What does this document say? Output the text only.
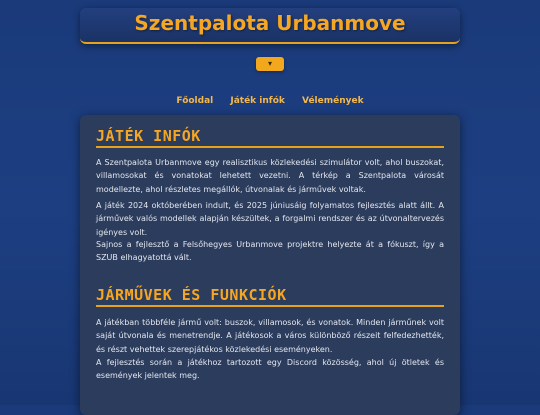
Szentpalota Urbanmove
▾
Főoldal Játék infók Vélemények
JÁTÉK INFÓK

A Szentpalota Urbanmove egy realisztikus közlekedési szimulátor volt, ahol buszokat, villamosokat és vonatokat lehetett vezetni. A térkép a Szentpalota városát modellezte, ahol részletes megállók, útvonalak és járművek voltak.

A játék 2024 októberében indult, és 2025 júniusáig folyamatos fejlesztés alatt állt. A járművek valós modellek alapján készültek, a forgalmi rendszer és az útvonaltervezés igényes volt.

Sajnos a fejlesztő a Felsőhegyes Urbanmove projektre helyezte át a fókuszt, így a SZUB elhagyatottá vált.

JÁRMŰVEK ÉS FUNKCIÓK

A játékban többféle jármű volt: buszok, villamosok, és vonatok. Minden járműnek volt saját útvonala és menetrendje. A játékosok a város különböző részeit felfedezhették, és részt vehettek szerepjátékos közlekedési eseményeken.

A fejlesztés során a játékhoz tartozott egy Discord közösség, ahol új ötletek és események jelentek meg.
